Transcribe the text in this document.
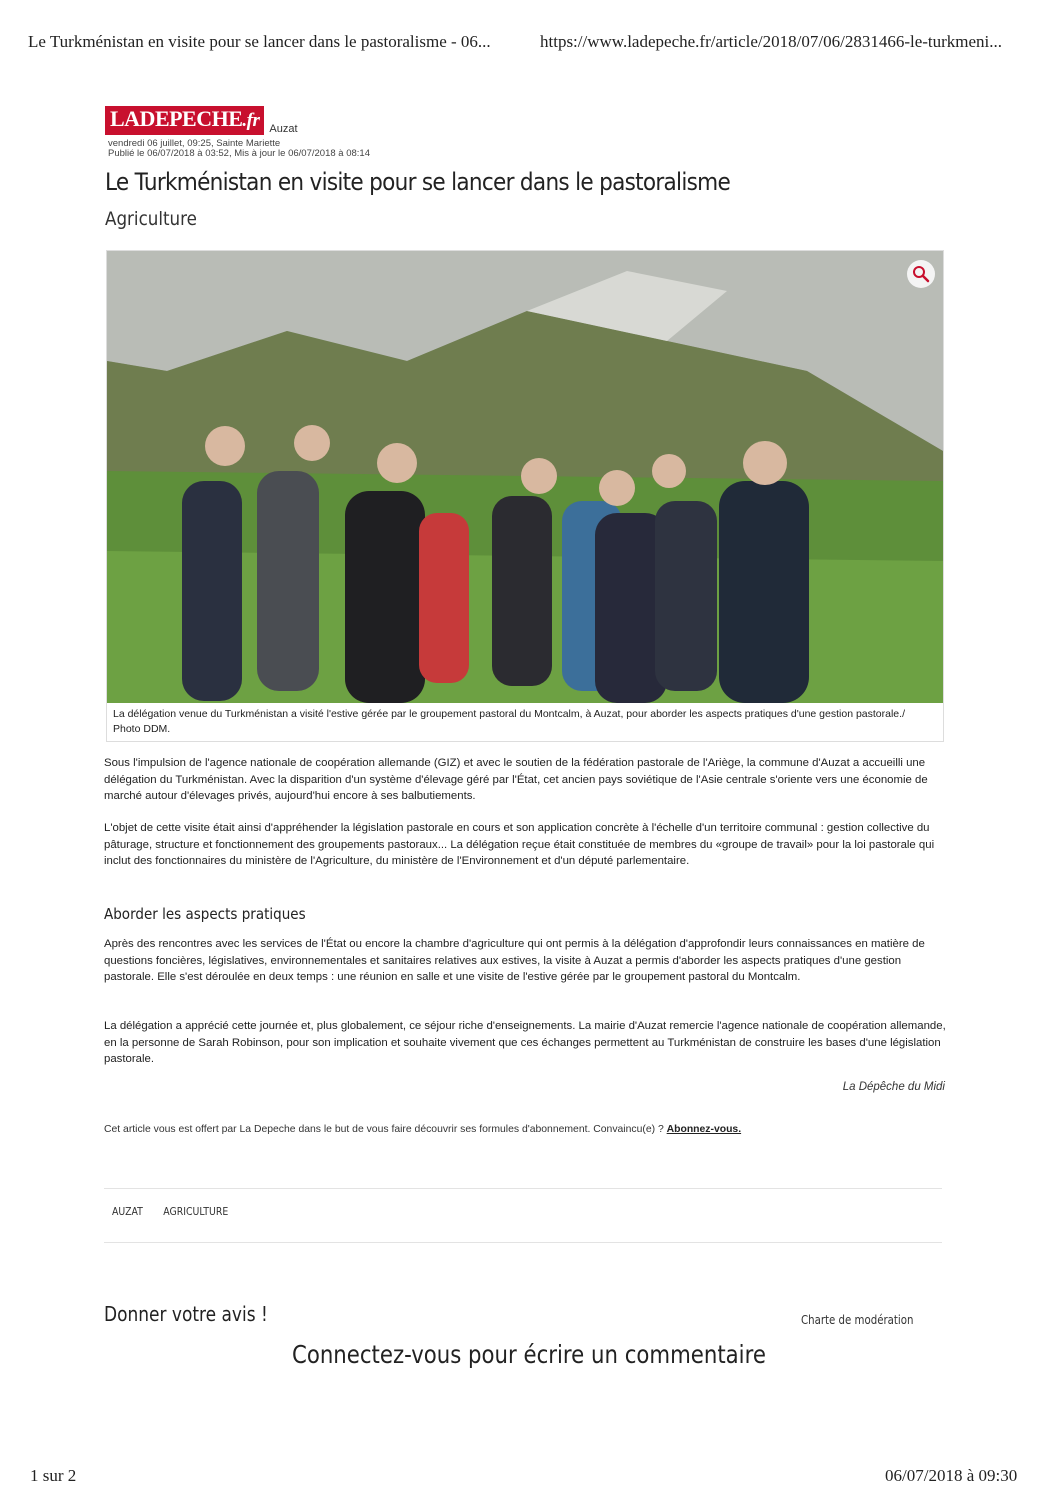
Le Turkménistan en visite pour se lancer dans le pastoralisme - 06...	https://www.ladepeche.fr/article/2018/07/06/2831466-le-turkmeni...
LADEPECHE.fr Auzat
vendredi 06 juillet, 09:25, Sainte Mariette
Publié le 06/07/2018 à 03:52, Mis à jour le 06/07/2018 à 08:14
Le Turkménistan en visite pour se lancer dans le pastoralisme
Agriculture
La délégation venue du Turkménistan a visité l'estive gérée par le groupement pastoral du Montcalm, à Auzat, pour aborder les aspects pratiques d'une gestion pastorale./ Photo DDM.

Sous l'impulsion de l'agence nationale de coopération allemande (GIZ) et avec le soutien de la fédération pastorale de l'Ariège, la commune d'Auzat a accueilli une délégation du Turkménistan. Avec la disparition d'un système d'élevage géré par l'État, cet ancien pays soviétique de l'Asie centrale s'oriente vers une économie de marché autour d'élevages privés, aujourd'hui encore à ses balbutiements.

L'objet de cette visite était ainsi d'appréhender la législation pastorale en cours et son application concrète à l'échelle d'un territoire communal : gestion collective du pâturage, structure et fonctionnement des groupements pastoraux... La délégation reçue était constituée de membres du «groupe de travail» pour la loi pastorale qui inclut des fonctionnaires du ministère de l'Agriculture, du ministère de l'Environnement et d'un député parlementaire.

Aborder les aspects pratiques

Après des rencontres avec les services de l'État ou encore la chambre d'agriculture qui ont permis à la délégation d'approfondir leurs connaissances en matière de questions foncières, législatives, environnementales et sanitaires relatives aux estives, la visite à Auzat a permis d'aborder les aspects pratiques d'une gestion pastorale. Elle s'est déroulée en deux temps : une réunion en salle et une visite de l'estive gérée par le groupement pastoral du Montcalm.

La délégation a apprécié cette journée et, plus globalement, ce séjour riche d'enseignements. La mairie d'Auzat remercie l'agence nationale de coopération allemande, en la personne de Sarah Robinson, pour son implication et souhaite vivement que ces échanges permettent au Turkménistan de construire les bases d'une législation pastorale.

La Dépêche du Midi
Cet article vous est offert par La Depeche dans le but de vous faire découvrir ses formules d'abonnement. Convaincu(e) ? Abonnez-vous.
AUZAT AGRICULTURE
Donner votre avis !	Charte de modération
Connectez-vous pour écrire un commentaire
1 sur 2	06/07/2018 à 09:30
